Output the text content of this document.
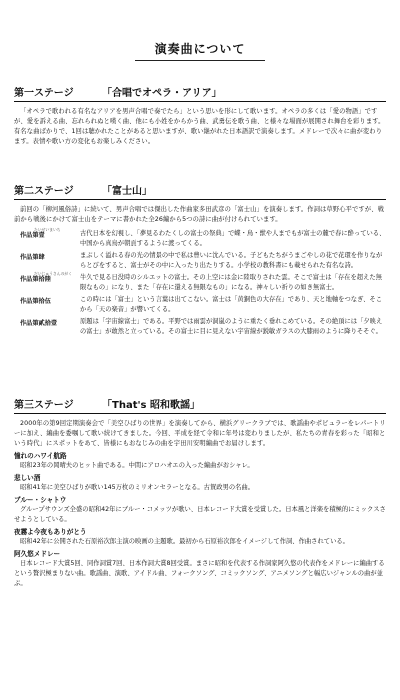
演奏曲について
第一ステージ	「合唱でオペラ・アリア」
「オペラで歌われる有名なアリアを男声合唱で奏でたら」という思いを形にして歌います。オペラの多くは「愛の物語」ですが、愛を訴える曲、忘れられぬと嘆く曲、他にも小姓をからかう曲、武勇伝を歌う曲、と様々な場面が展開され舞台を彩ります。有名な曲ばかりで、1回は聴かれたことがあると思いますが、歌い継がれた日本語訳で演奏します。メドレーで次々に曲が変わります。表情や歌い方の変化もお楽しみください。
第二ステージ	「富士山」
前回の「柳河風俗詩」に続いて、男声合唱では傑出した作曲家多田武彦の「富士山」を演奏します。作詞は草野心平ですが、戦前から戦後にかけて富士山をテーマに書かれた全26編から5つの詩に曲が付けられています。
たいせいまいち
作品第壹	古代日本を幻視し、「夢見るわたくしの富士の祭典」で蝶・鳥・獣や人までもが富士の麓で春に酔っている、中国から真鳥が朝貢するように渡ってくる。
作品第肆	まぶしく溢れる春の光の情景の中で私は豊いに沈んでいる。子どもたちがうまごやしの花で花環を作りながらとびをすると、富士がその中に入ったり出たりする。小学校の教科書にも載せられた有名な詩。
だいじゅうさんのがく
作品第拾陸	牛久で見る日没時のシルエットの富士。その上空には金に陸取りされた雲。そこで富士は「存在を超えた無限なもの」になり、また「存在に還える無限なもの」になる。神々しい祈りの如き無富士。
作品第拾伍	この時には「富士」という言葉は出てこない。富士は「黄銅色の大存在」であり、天と地軸をつなぎ、そこから「天の楽音」が響いてくる。
作品第貳拾壹	原題は「宇宙線富士」である。平野では雨雲が洞嵐のように重たく垂れこめている。その絶頂には「夕映えの富士」が敢然と立っている。その富士に目に見えない宇宙線が鋭敏ガラスの大膝雨のように降りそそぐ。
第三ステージ	「That's 昭和歌謡」
2000年の第9回定期演奏会で「美空ひばりの世界」を演奏してから、横浜グリークラブでは、歌謡曲やポピュラーをレパートリーに加え、編曲を委嘱して歌い続けてきました。今回、平成を経て令和に年号は変わりましたが、私たちの青春を彩った「昭和という時代」にスポットをあて、皆様にもおなじみの曲を宇田川安明編曲でお届けします。
憧れのハワイ航路
昭和23年の岡晴夫のヒット曲である。中間にアロハオエの入った編曲がおシャレ。
悲しい酒
昭和41年に美空ひばりが歌い145万枚のミリオンセラーとなる。古賀政男の名曲。
ブルー・シャトウ
グループサウンズ全盛の昭和42年にブルー・コメッツが歌い、日本レコード大賞を受賞した。日本風と洋楽を積極的にミックスさせようとしている。
夜霧よ今夜もありがとう
昭和42年に公開された石原裕次郎主演の映画の主題歌。最初から石原裕次郎をイメージして作詞、作曲されている。
阿久悠メドレー
日本レコード大賞5回、同作詞賞7回、日本作詞大賞8回受賞。まさに昭和を代表する作詞家阿久悠の代表作をメドレーに編曲するという贅沢極まりない曲。歌謡曲、演歌、アイドル曲、フォークソング、コミックソング、アニメソングと幅広いジャンルの曲が並ぶ。
